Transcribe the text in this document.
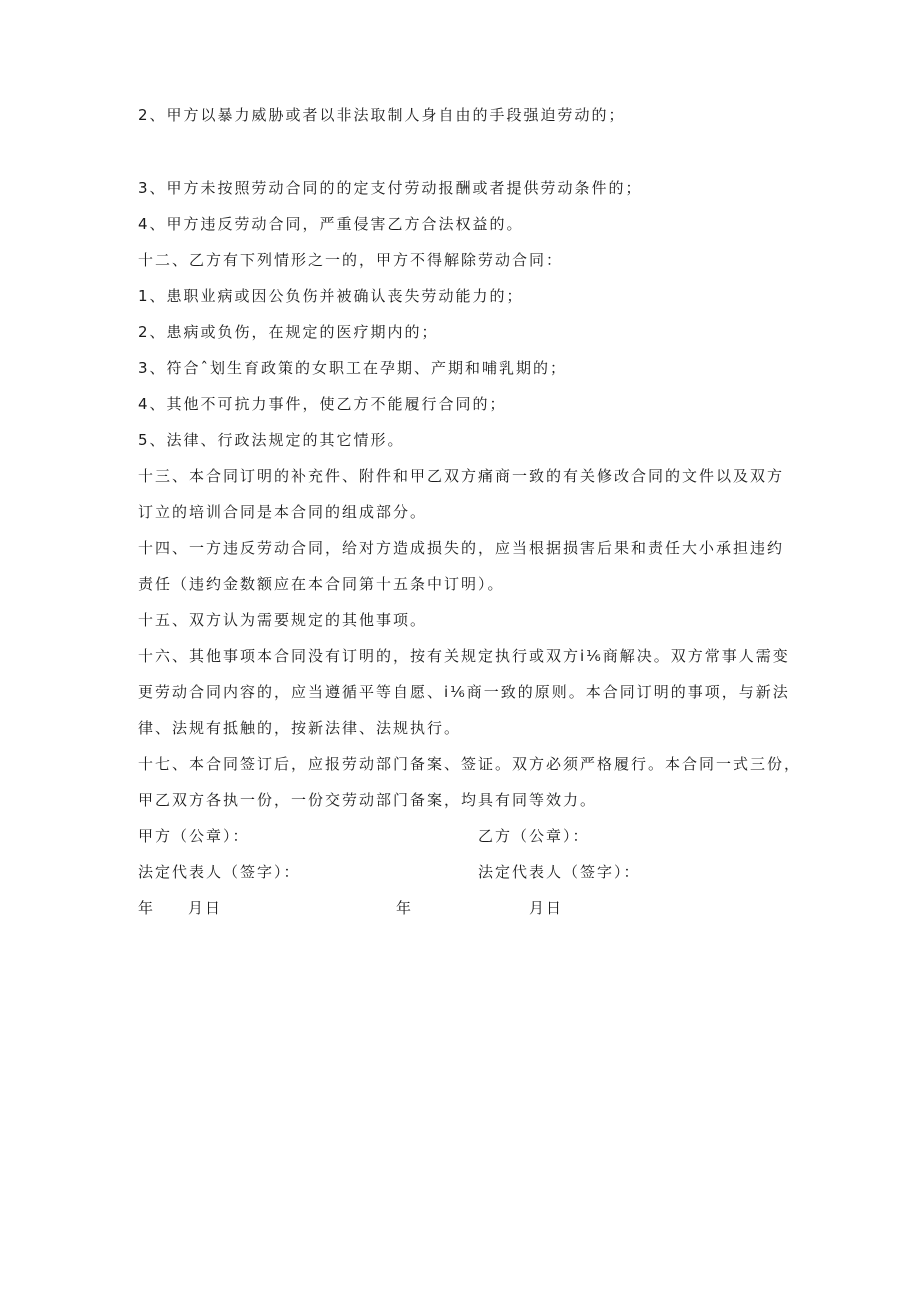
2、甲方以暴力威胁或者以非法取制人身自由的手段强迫劳动的；
3、甲方未按照劳动合同的的定支付劳动报酬或者提供劳动条件的；
4、甲方违反劳动合同，严重侵害乙方合法权益的。
十二、乙方有下列情形之一的，甲方不得解除劳动合同：
1、患职业病或因公负伤并被确认丧失劳动能力的；
2、患病或负伤，在规定的医疗期内的；
3、符合ˆ划生育政策的女职工在孕期、产期和哺乳期的；
4、其他不可抗力事件，使乙方不能履行合同的；
5、法律、行政法规定的其它情形。
十三、本合同订明的补充件、附件和甲乙双方痛商一致的有关修改合同的文件以及双方
订立的培训合同是本合同的组成部分。
十四、一方违反劳动合同，给对方造成损失的，应当根据损害后果和责任大小承担违约
责任（违约金数额应在本合同第十五条中订明）。
十五、双方认为需要规定的其他事项。
十六、其他事项本合同没有订明的，按有关规定执行或双方i⅙商解决。双方常事人需变
更劳动合同内容的，应当遵循平等自愿、i⅙商一致的原则。本合同订明的事项，与新法
律、法规有抵触的，按新法律、法规执行。
十七、本合同签订后，应报劳动部门备案、签证。双方必须严格履行。本合同一式三份，
甲乙双方各执一份，一份交劳动部门备案，均具有同等效力。
甲方（公章）：	乙方（公章）：
法定代表人（签字）：	法定代表人（签字）：
年 月日	年	月日
